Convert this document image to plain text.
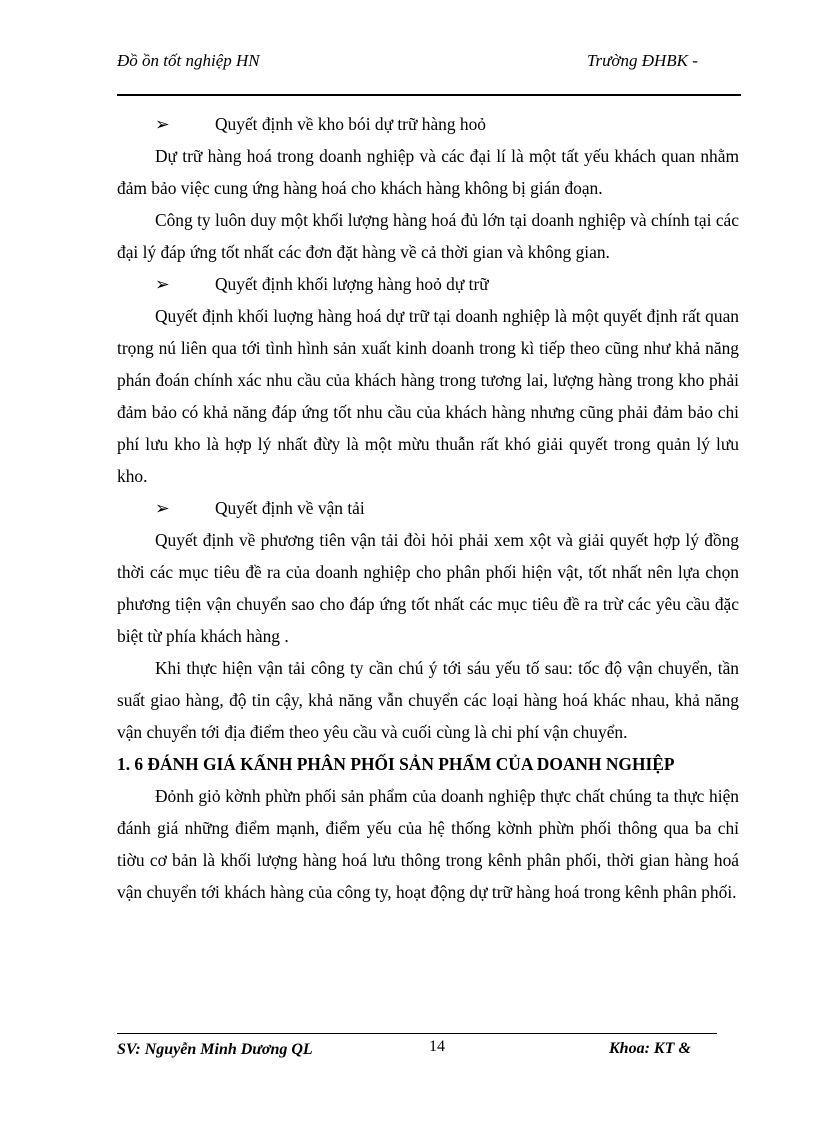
Đồ ồn tốt nghiệp HN	Trường ĐHBK -

➢	Quyết định về kho bói dự trữ hàng hoỏ

Dự trữ hàng hoá trong doanh nghiệp và các đại lí là một tất yếu khách quan nhằm đảm bảo việc cung ứng hàng hoá cho khách hàng không bị gián đoạn.

Công ty luôn duy một khối lượng hàng hoá đủ lớn tại doanh nghiệp và chính tại các đại lý đáp ứng tốt nhất các đơn đặt hàng về cả thời gian và không gian.

➢	Quyết định khối lượng hàng hoỏ dự trữ

Quyết định khối luợng hàng hoá dự trữ tại doanh nghiệp là một quyết định rất quan trọng nú liên qua tới tình hình sản xuất kinh doanh trong kì tiếp theo cũng như khả năng phán đoán chính xác nhu cầu của khách hàng trong tương lai, lượng hàng trong kho phải đảm bảo có khả năng đáp ứng tốt nhu cầu của khách hàng nhưng cũng phải đảm bảo chi phí lưu kho là hợp lý nhất đừy là một mừu thuẫn rất khó giải quyết trong quản lý lưu kho.

➢	Quyết định về vận tải

Quyết định về phương tiên vận tải đòi hỏi phải xem xột và giải quyết hợp lý đồng thời các mục tiêu đề ra của doanh nghiệp cho phân phối hiện vật, tốt nhất nên lựa chọn phương tiện vận chuyển sao cho đáp ứng tốt nhất các mục tiêu đề ra trừ các yêu cầu đặc biệt từ phía khách hàng .

Khi thực hiện vận tải công ty cần chú ý tới sáu yếu tố sau: tốc độ vận chuyển, tần suất giao hàng, độ tin cậy, khả năng vẫn chuyển các loại hàng hoá khác nhau, khả năng vận chuyển tới địa điểm theo yêu cầu và cuối cùng là chi phí vận chuyển.

1. 6 ĐÁNH GIÁ KẤNH PHÂN PHỐI SẢN PHẨM CỦA DOANH NGHIỆP

Đỏnh giỏ kờnh phừn phối sản phẩm của doanh nghiệp thực chất chúng ta thực hiện đánh giá những điểm mạnh, điểm yếu của hệ thống kờnh phừn phối thông qua ba chỉ tiờu cơ bản là khối lượng hàng hoá lưu thông trong kênh phân phối, thời gian hàng hoá vận chuyển tới khách hàng của công ty, hoạt động dự trữ hàng hoá trong kênh phân phối.

SV: Nguyễn Minh Dương QL	14	Khoa: KT &
